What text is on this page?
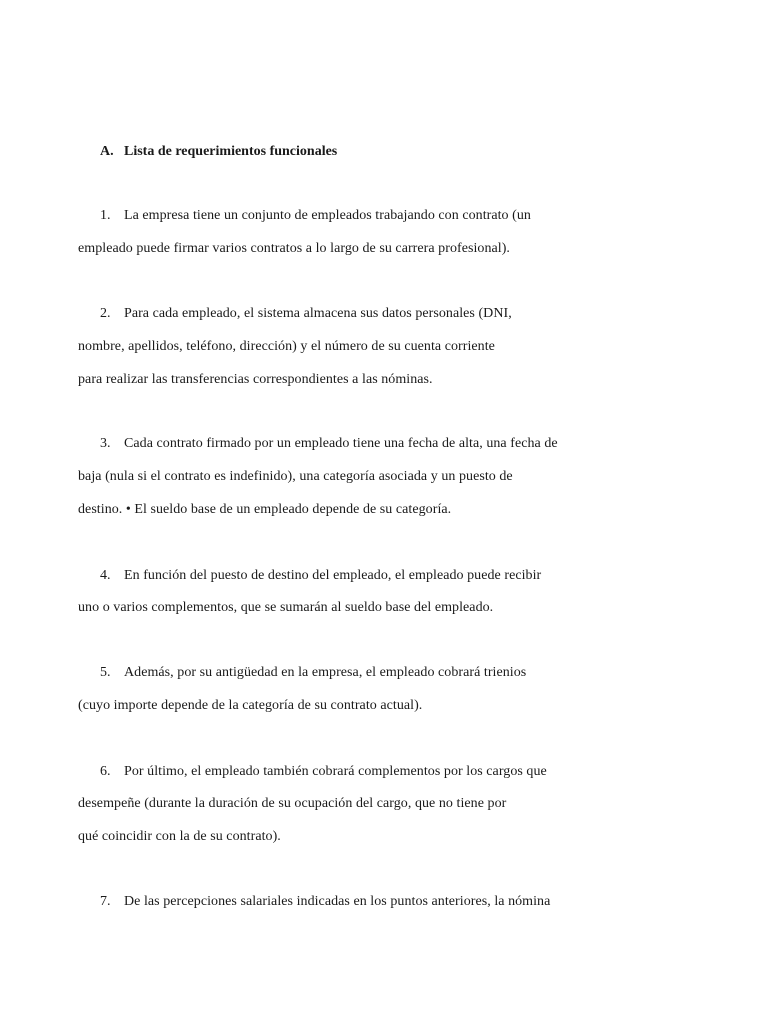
A. Lista de requerimientos funcionales
1. La empresa tiene un conjunto de empleados trabajando con contrato (un
empleado puede firmar varios contratos a lo largo de su carrera profesional).
2. Para cada empleado, el sistema almacena sus datos personales (DNI,
nombre, apellidos, teléfono, dirección) y el número de su cuenta corriente
para realizar las transferencias correspondientes a las nóminas.
3. Cada contrato firmado por un empleado tiene una fecha de alta, una fecha de
baja (nula si el contrato es indefinido), una categoría asociada y un puesto de
destino. • El sueldo base de un empleado depende de su categoría.
4. En función del puesto de destino del empleado, el empleado puede recibir
uno o varios complementos, que se sumarán al sueldo base del empleado.
5. Además, por su antigüedad en la empresa, el empleado cobrará trienios
(cuyo importe depende de la categoría de su contrato actual).
6. Por último, el empleado también cobrará complementos por los cargos que
desempeñe (durante la duración de su ocupación del cargo, que no tiene por
qué coincidir con la de su contrato).
7. De las percepciones salariales indicadas en los puntos anteriores, la nómina
